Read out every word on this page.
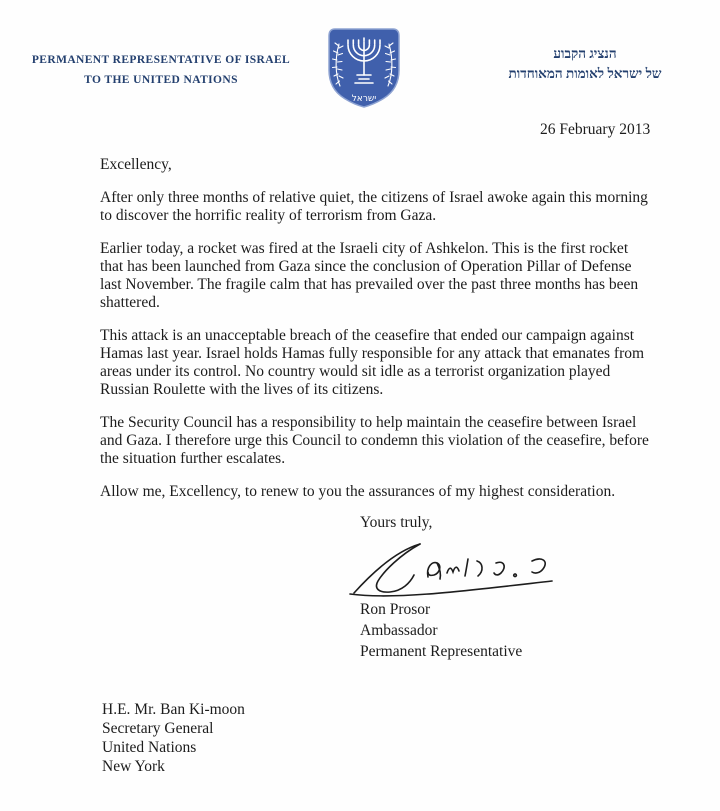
PERMANENT REPRESENTATIVE OF ISRAEL
TO THE UNITED NATIONS
ישראל
הנציג הקבוע
של ישראל לאומות המאוחדות
26 February 2013

Excellency,

After only three months of relative quiet, the citizens of Israel awoke again this morning to discover the horrific reality of terrorism from Gaza.

Earlier today, a rocket was fired at the Israeli city of Ashkelon. This is the first rocket that has been launched from Gaza since the conclusion of Operation Pillar of Defense last November. The fragile calm that has prevailed over the past three months has been shattered.

This attack is an unacceptable breach of the ceasefire that ended our campaign against Hamas last year. Israel holds Hamas fully responsible for any attack that emanates from areas under its control. No country would sit idle as a terrorist organization played Russian Roulette with the lives of its citizens.

The Security Council has a responsibility to help maintain the ceasefire between Israel and Gaza. I therefore urge this Council to condemn this violation of the ceasefire, before the situation further escalates.

Allow me, Excellency, to renew to you the assurances of my highest consideration.

Yours truly,
Ron Prosor
Ambassador
Permanent Representative
H.E. Mr. Ban Ki-moon
Secretary General
United Nations
New York
